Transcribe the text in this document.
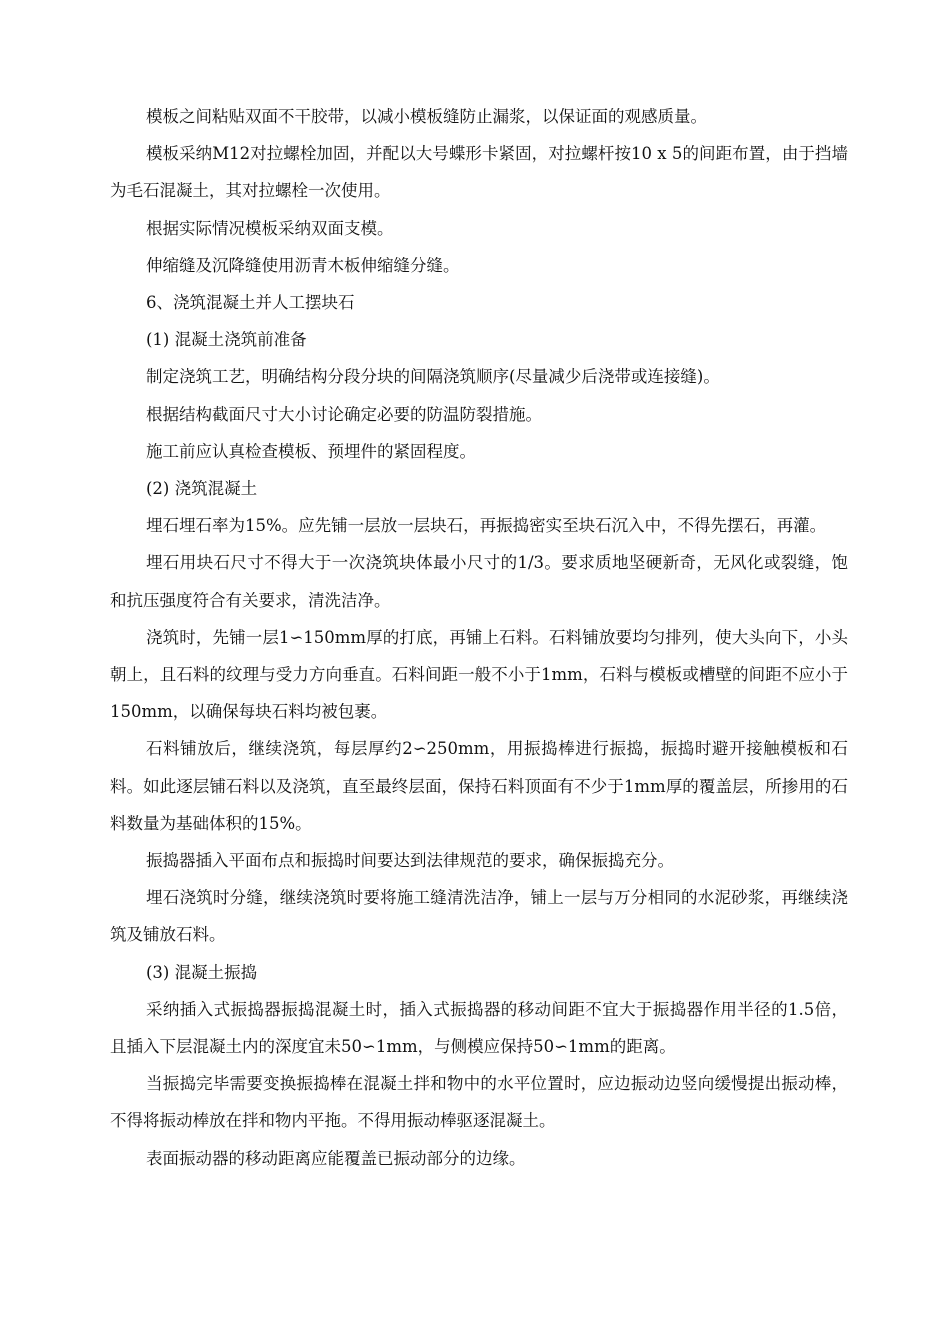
模板之间粘贴双面不干胶带，以减小模板缝防止漏浆，以保证面的观感质量。

模板采纳M12对拉螺栓加固，并配以大号蝶形卡紧固，对拉螺杆按10 x 5的间距布置，由于挡墙为毛石混凝土，其对拉螺栓一次使用。

根据实际情况模板采纳双面支模。

伸缩缝及沉降缝使用沥青木板伸缩缝分缝。

6、浇筑混凝土并人工摆块石

(1) 混凝土浇筑前准备

制定浇筑工艺，明确结构分段分块的间隔浇筑顺序(尽量减少后浇带或连接缝)。

根据结构截面尺寸大小讨论确定必要的防温防裂措施。

施工前应认真检查模板、预埋件的紧固程度。

(2) 浇筑混凝土

埋石埋石率为15%。应先铺一层放一层块石，再振捣密实至块石沉入中，不得先摆石，再灌。

埋石用块石尺寸不得大于一次浇筑块体最小尺寸的1/3。要求质地坚硬新奇，无风化或裂缝，饱和抗压强度符合有关要求，清洗洁净。

浇筑时，先铺一层1∽150mm厚的打底，再铺上石料。石料铺放要均匀排列，使大头向下，小头朝上，且石料的纹理与受力方向垂直。石料间距一般不小于1mm，石料与模板或槽壁的间距不应小于150mm，以确保每块石料均被包裹。

石料铺放后，继续浇筑，每层厚约2∽250mm，用振捣棒进行振捣，振捣时避开接触模板和石料。如此逐层铺石料以及浇筑，直至最终层面，保持石料顶面有不少于1mm厚的覆盖层，所掺用的石料数量为基础体积的15%。

振捣器插入平面布点和振捣时间要达到法律规范的要求，确保振捣充分。

埋石浇筑时分缝，继续浇筑时要将施工缝清洗洁净，铺上一层与万分相同的水泥砂浆，再继续浇筑及铺放石料。

(3) 混凝土振捣

采纳插入式振捣器振捣混凝土时，插入式振捣器的移动间距不宜大于振捣器作用半径的1.5倍，且插入下层混凝土内的深度宜未50∽1mm，与侧模应保持50∽1mm的距离。

当振捣完毕需要变换振捣棒在混凝土拌和物中的水平位置时，应边振动边竖向缓慢提出振动棒，不得将振动棒放在拌和物内平拖。不得用振动棒驱逐混凝土。

表面振动器的移动距离应能覆盖已振动部分的边缘。
